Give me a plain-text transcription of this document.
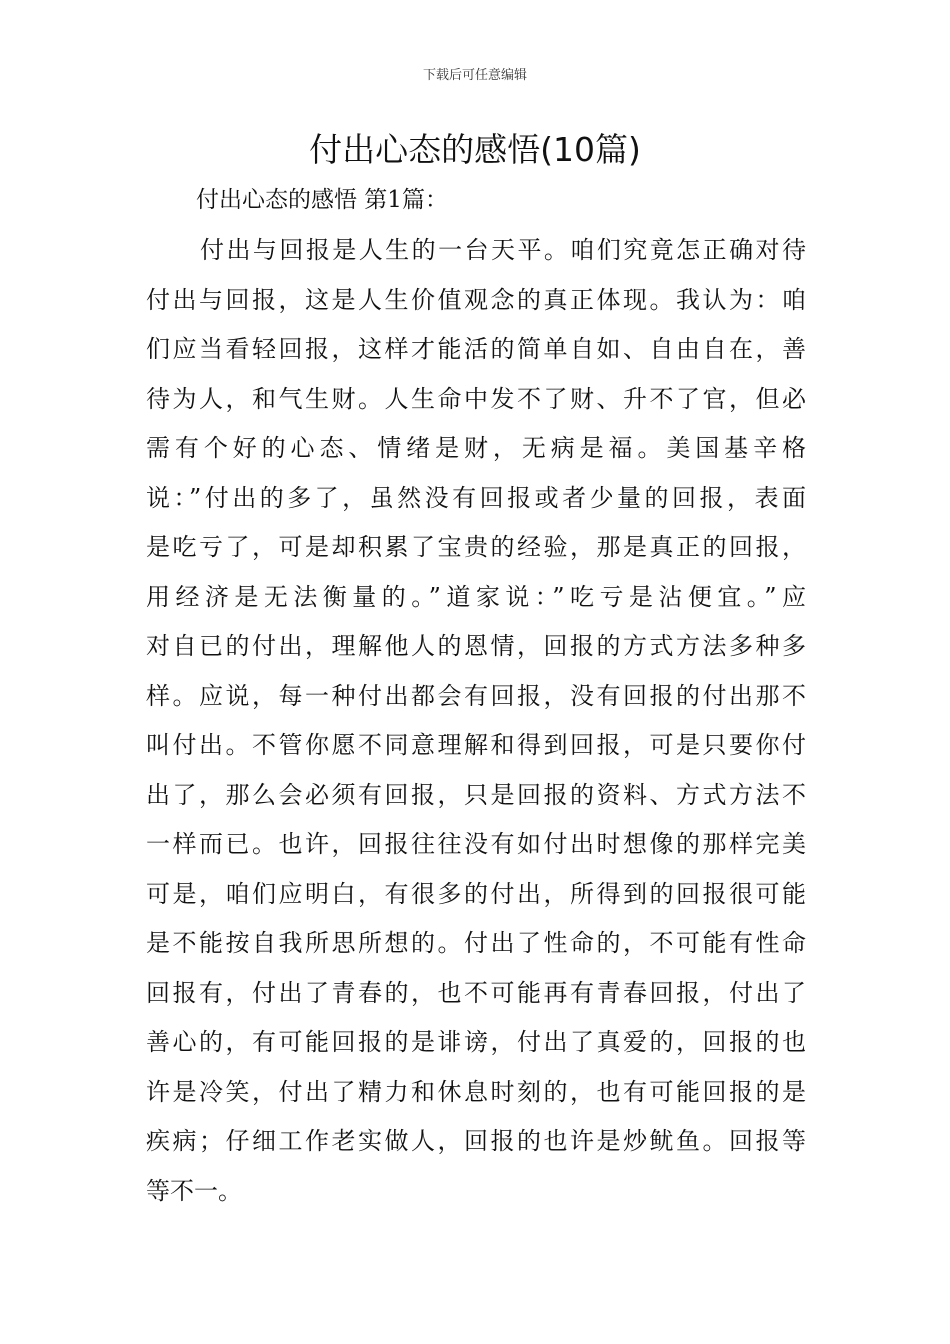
下载后可任意编辑
付出心态的感悟(10篇)
付出心态的感悟 第1篇：
付出与回报是人生的一台天平。咱们究竟怎正确对待
付出与回报，这是人生价值观念的真正体现。我认为：咱
们应当看轻回报，这样才能活的简单自如、自由自在，善
待为人，和气生财。人生命中发不了财、升不了官，但必
需有个好的心态、情绪是财，无病是福。美国基辛格
说：”付出的多了，虽然没有回报或者少量的回报，表面
是吃亏了，可是却积累了宝贵的经验，那是真正的回报，
用经济是无法衡量的。”道家说：”吃亏是沾便宜。”应
对自已的付出，理解他人的恩情，回报的方式方法多种多
样。应说，每一种付出都会有回报，没有回报的付出那不
叫付出。不管你愿不同意理解和得到回报，可是只要你付
出了，那么会必须有回报，只是回报的资料、方式方法不
一样而已。也许，回报往往没有如付出时想像的那样完美
可是，咱们应明白，有很多的付出，所得到的回报很可能
是不能按自我所思所想的。付出了性命的，不可能有性命
回报有，付出了青春的，也不可能再有青春回报，付出了
善心的，有可能回报的是诽谤，付出了真爱的，回报的也
许是冷笑，付出了精力和休息时刻的，也有可能回报的是
疾病；仔细工作老实做人，回报的也许是炒鱿鱼。回报等
等不一。
